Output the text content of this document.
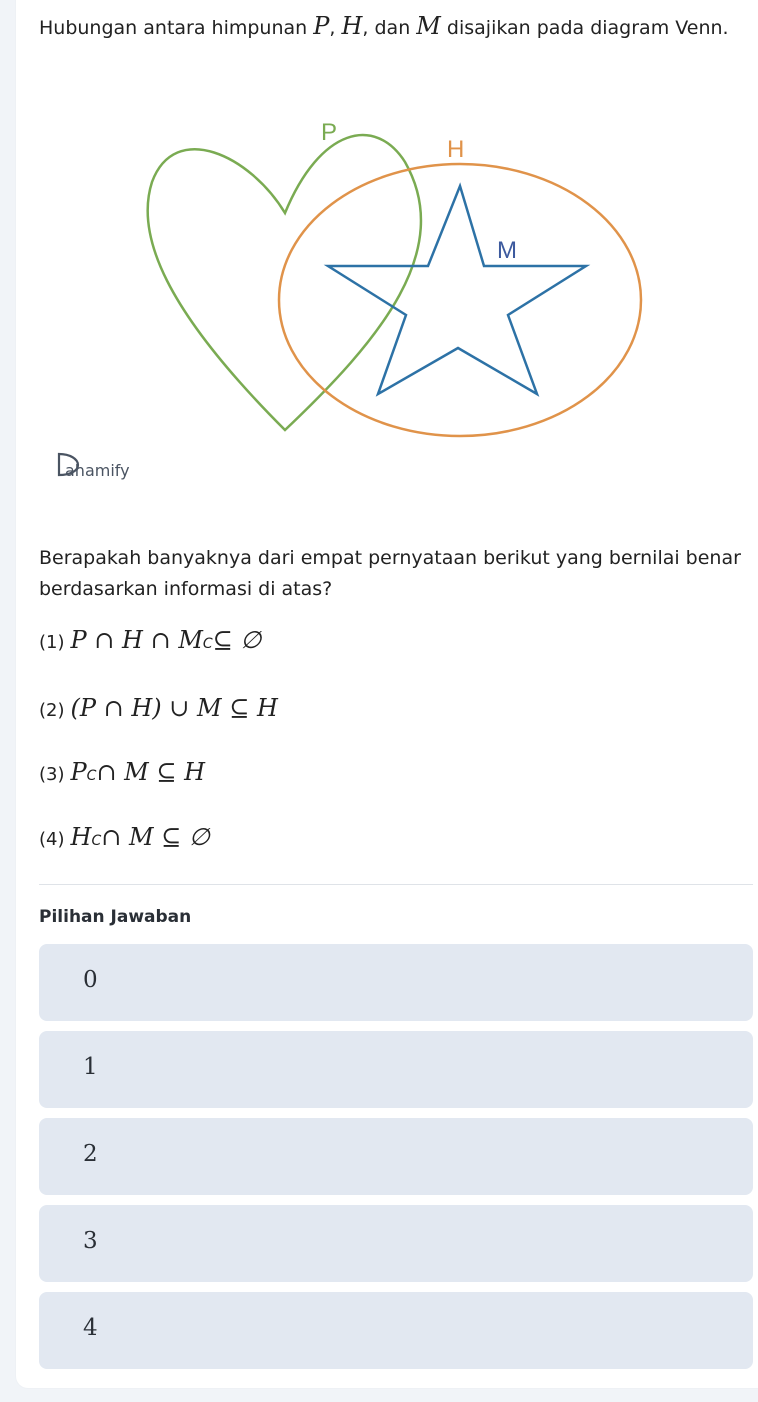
Hubungan antara himpunan P, H, dan M disajikan pada diagram Venn.
P
H
M
ahamify
Berapakah banyaknya dari empat pernyataan berikut yang bernilai benar berdasarkan informasi di atas?
(1) P ∩ H ∩ M C ⊆ ∅
(2) (P ∩ H) ∪ M ⊆ H
(3) P C ∩ M ⊆ H
(4) H C ∩ M ⊆ ∅
Pilihan Jawaban
0
1
2
3
4
